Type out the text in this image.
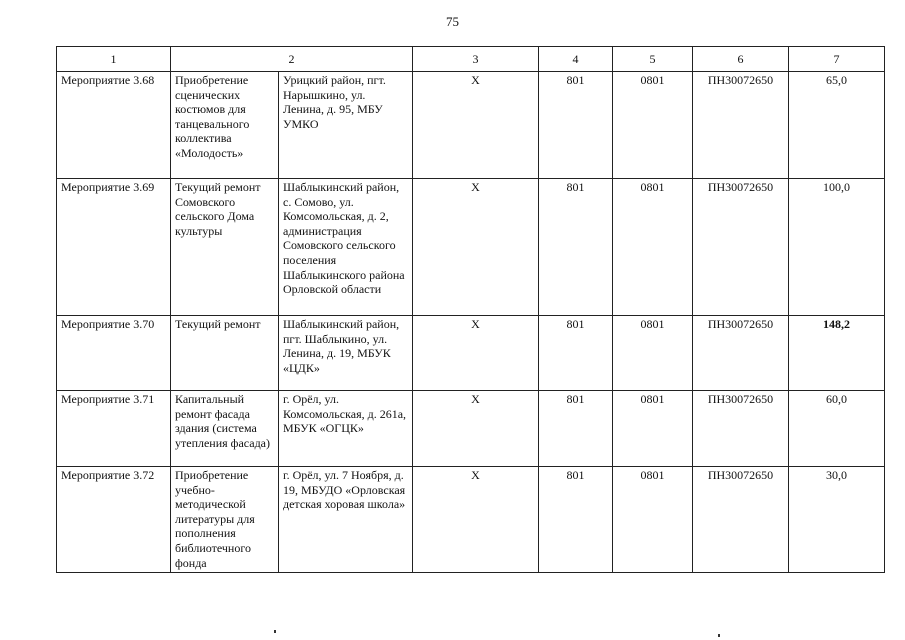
75
1	2		3	4	5	6	7
Мероприятие 3.68	Приобретение сценических костюмов для танцевального коллектива «Молодость»	Урицкий район, пгт. Нарышкино, ул. Ленина, д. 95, МБУ УМКО	Х	801	0801	ПН30072650	65,0
Мероприятие 3.69	Текущий ремонт Сомовского сельского Дома культуры	Шаблыкинский район, с. Сомово, ул. Комсомольская, д. 2, администрация Сомовского сельского поселения Шаблыкинского района Орловской области	Х	801	0801	ПН30072650	100,0
Мероприятие 3.70	Текущий ремонт	Шаблыкинский район, пгт. Шаблыкино, ул. Ленина, д. 19, МБУК «ЦДК»	Х	801	0801	ПН30072650	148,2
Мероприятие 3.71	Капитальный ремонт фасада здания (система утепления фасада)	г. Орёл, ул. Комсомольская, д. 261а, МБУК «ОГЦК»	Х	801	0801	ПН30072650	60,0
Мероприятие 3.72	Приобретение учебно-методической литературы для пополнения библиотечного фонда	г. Орёл, ул. 7 Ноября, д. 19, МБУДО «Орловская детская хоровая школа»	Х	801	0801	ПН30072650	30,0
